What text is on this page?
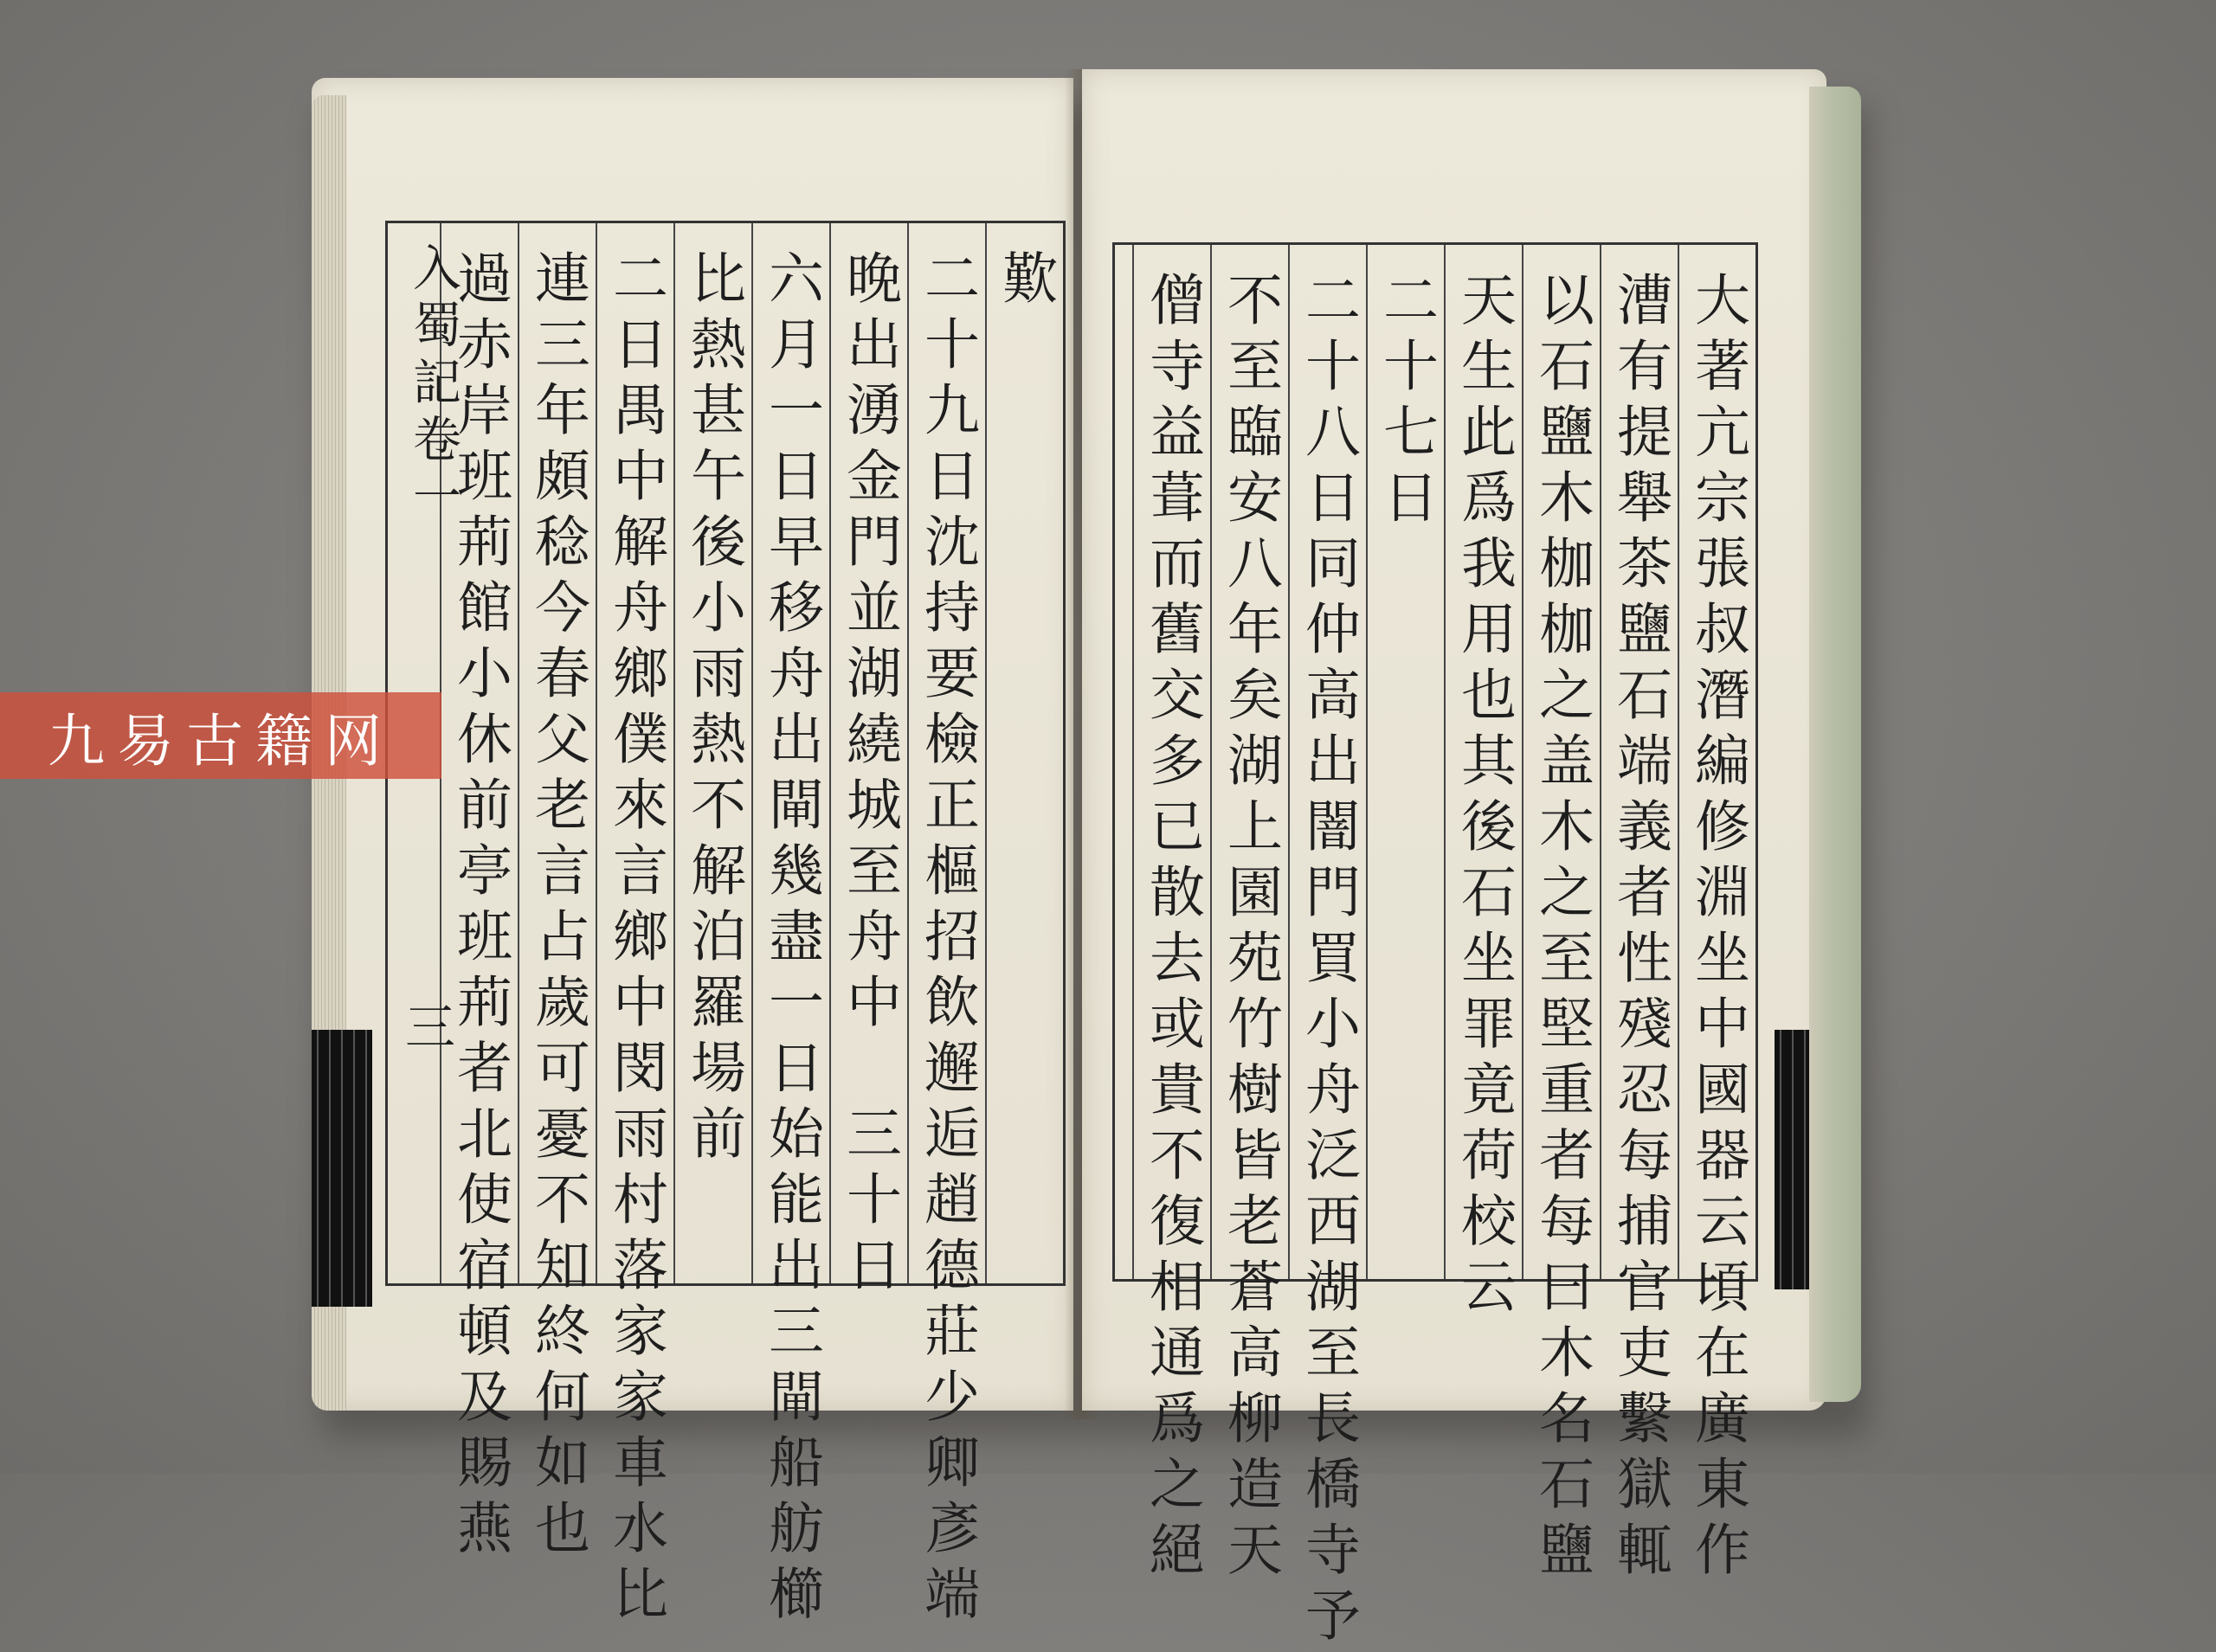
歎
二十九日沈持要檢正樞招飲邂逅趙德莊少卿彥端
晚出湧金門並湖繞城至舟中　三十日
六月一日早移舟出閘幾盡一日始能出三閘船舫櫛
比熱甚午後小雨熱不解泊羅場前
二日禺中解舟鄉僕來言鄉中閔雨村落家家車水比
連三年頗稔今春父老言占歲可憂不知終何如也
過赤岸班荊館小休前亭班荊者北使宿頓及賜燕
入蜀記卷一
三	大著亢宗張叔潛編修淵坐中國器云頃在廣東作
漕有提舉茶鹽石端義者性殘忍每捕官吏繫獄輒
以石鹽木枷枷之盖木之至堅重者每曰木名石鹽
天生此爲我用也其後石坐罪竟荷校云
二十七日
二十八日同仲高出闇門買小舟泛西湖至長橋寺予
不至臨安八年矣湖上園苑竹樹皆老蒼高柳造天
僧寺益葺而舊交多已散去或貴不復相通爲之絕
九易古籍网
